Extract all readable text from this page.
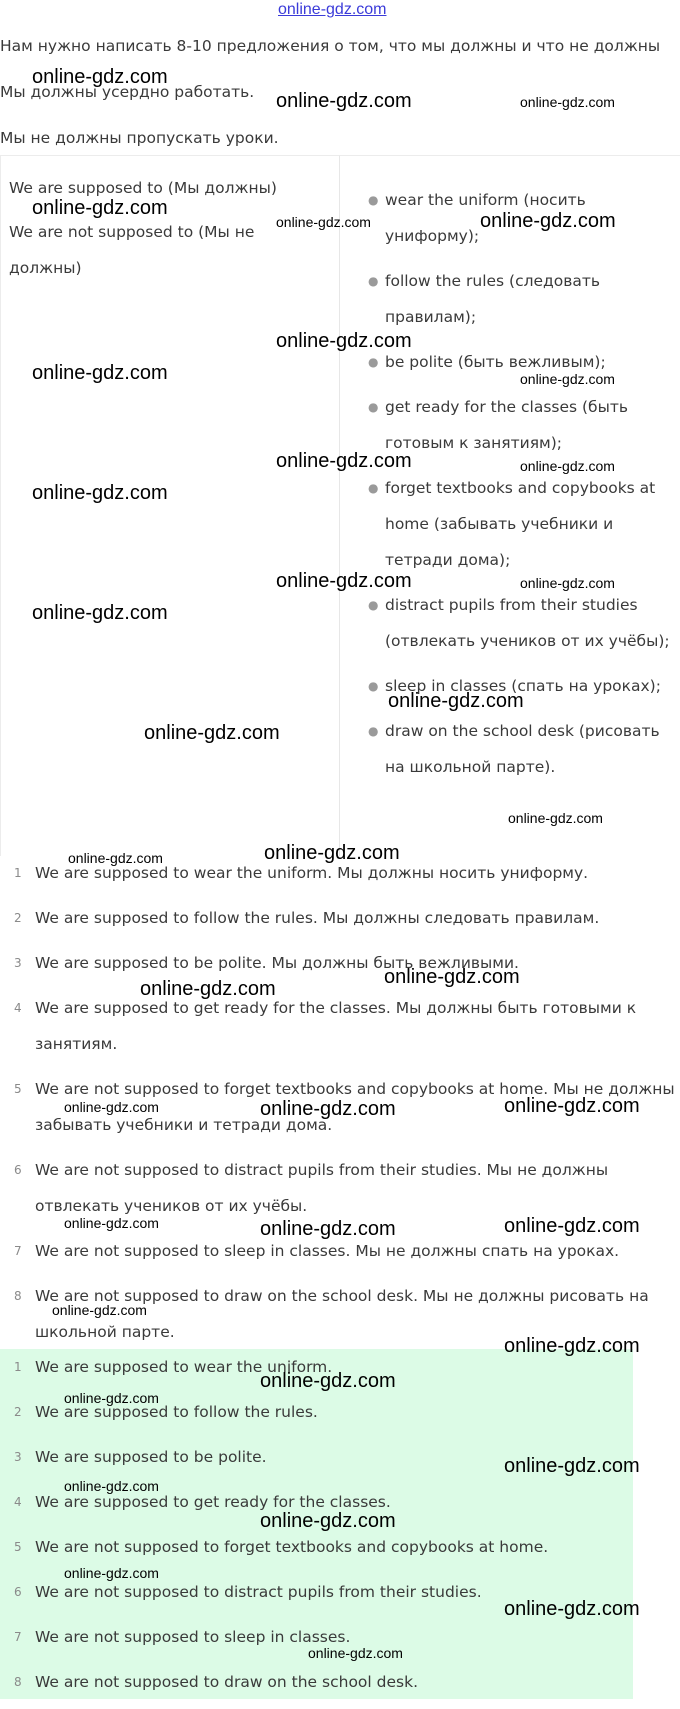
online-gdz.com

Нам нужно написать 8-10 предложения о том, что мы должны и что не должны

Мы должны усердно работать.

Мы не должны пропускать уроки.

We are supposed to (Мы должны)
We are not supposed to (Мы не должны)
● wear the uniform (носить униформу);
● follow the rules (следовать правилам);
● be polite (быть вежливым);
● get ready for the classes (быть готовым к занятиям);
● forget textbooks and copybooks at home (забывать учебники и тетради дома);
● distract pupils from their studies (отвлекать учеников от их учёбы);
● sleep in classes (спать на уроках);
● draw on the school desk (рисовать на школьной парте).
1 We are supposed to wear the uniform. Мы должны носить униформу.
2 We are supposed to follow the rules. Мы должны следовать правилам.
3 We are supposed to be polite. Мы должны быть вежливыми.
4 We are supposed to get ready for the classes. Мы должны быть готовыми к занятиям.
5 We are not supposed to forget textbooks and copybooks at home. Мы не должны забывать учебники и тетради дома.
6 We are not supposed to distract pupils from their studies. Мы не должны отвлекать учеников от их учёбы.
7 We are not supposed to sleep in classes. Мы не должны спать на уроках.
8 We are not supposed to draw on the school desk. Мы не должны рисовать на школьной парте.
1 We are supposed to wear the uniform.
2 We are supposed to follow the rules.
3 We are supposed to be polite.
4 We are supposed to get ready for the classes.
5 We are not supposed to forget textbooks and copybooks at home.
6 We are not supposed to distract pupils from their studies.
7 We are not supposed to sleep in classes.
8 We are not supposed to draw on the school desk.
online-gdz.com
online-gdz.com	online-gdz.com
online-gdz.com
online-gdz.com	online-gdz.com
online-gdz.com
online-gdz.com	online-gdz.com
online-gdz.com	online-gdz.com
online-gdz.com
online-gdz.com	online-gdz.com
online-gdz.com
online-gdz.com
online-gdz.com
online-gdz.com
online-gdz.com	online-gdz.com
online-gdz.com
online-gdz.com
online-gdz.com	online-gdz.com	online-gdz.com
online-gdz.com	online-gdz.com	online-gdz.com
online-gdz.com
online-gdz.com
online-gdz.com
online-gdz.com
online-gdz.com
online-gdz.com
online-gdz.com
online-gdz.com
online-gdz.com
online-gdz.com
